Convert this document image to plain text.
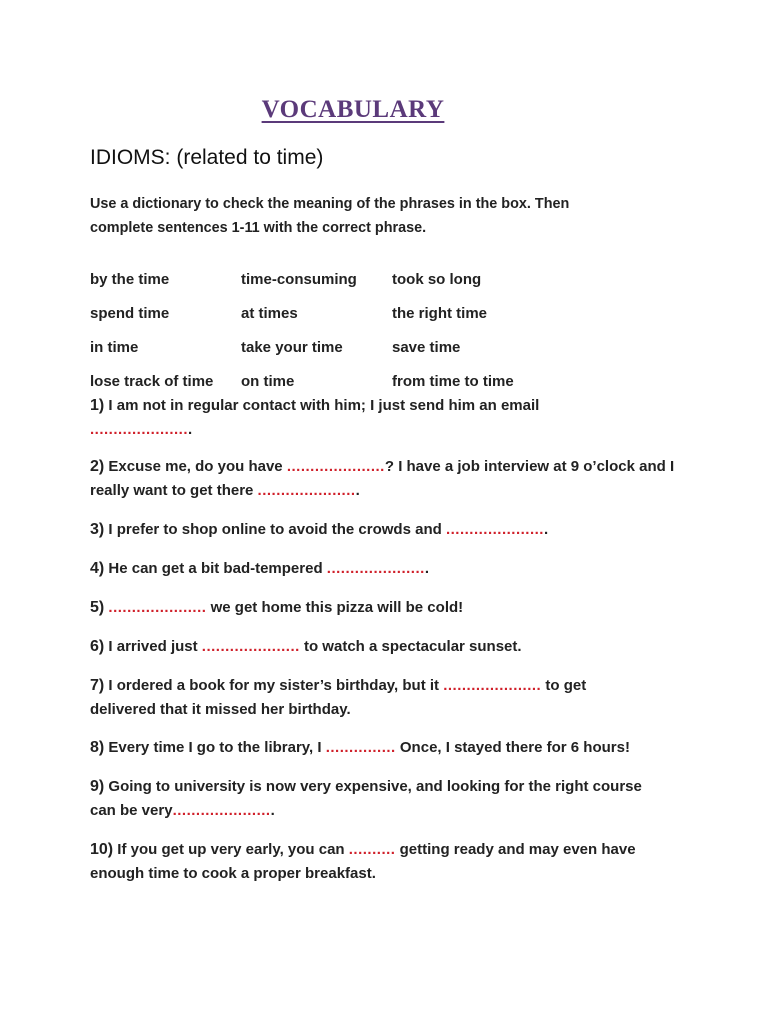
VOCABULARY
IDIOMS: (related to time)
Use a dictionary to check the meaning of the phrases in the box. Then complete sentences 1-11 with the correct phrase.
by the time	time-consuming	took so long
spend time	at times	the right time
in time	take your time	save time
lose track of time	on time	from time to time
1) I am not in regular contact with him; I just send him an email ......................
2) Excuse me, do you have .....................? I have a job interview at 9 o’clock and I really want to get there ......................
3) I prefer to shop online to avoid the crowds and ......................
4) He can get a bit bad-tempered ......................
5) ..................... we get home this pizza will be cold!
6) I arrived just ..................... to watch a spectacular sunset.
7) I ordered a book for my sister’s birthday, but it ..................... to get delivered that it missed her birthday.
8) Every time I go to the library, I ............... Once, I stayed there for 6 hours!
9) Going to university is now very expensive, and looking for the right course can be very......................
10) If you get up very early, you can .......... getting ready and may even have enough time to cook a proper breakfast.
